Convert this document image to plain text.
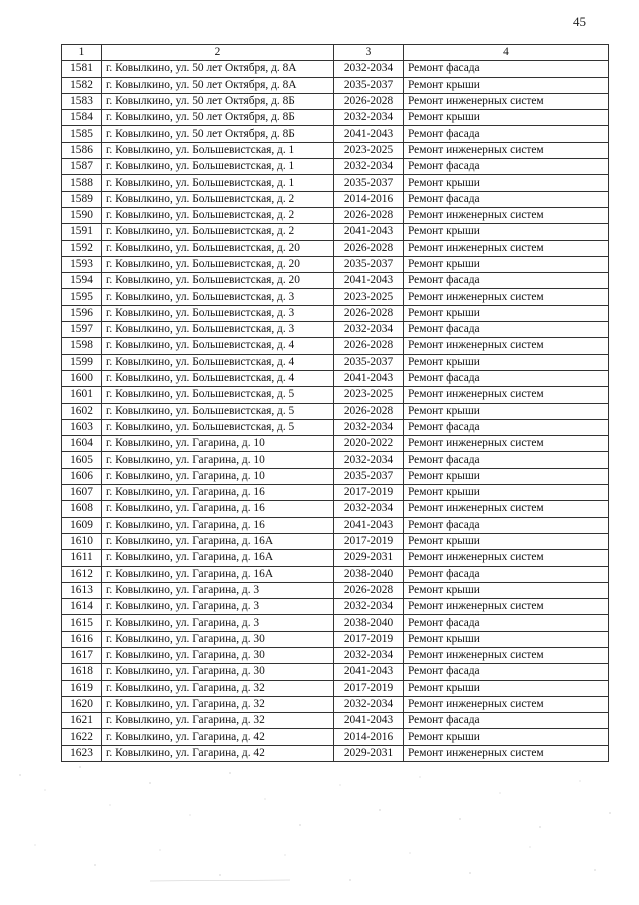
45
1	2	3	4
1581	г. Ковылкино, ул. 50 лет Октября, д. 8А	2032-2034	Ремонт фасада
1582	г. Ковылкино, ул. 50 лет Октября, д. 8А	2035-2037	Ремонт крыши
1583	г. Ковылкино, ул. 50 лет Октября, д. 8Б	2026-2028	Ремонт инженерных систем
1584	г. Ковылкино, ул. 50 лет Октября, д. 8Б	2032-2034	Ремонт крыши
1585	г. Ковылкино, ул. 50 лет Октября, д. 8Б	2041-2043	Ремонт фасада
1586	г. Ковылкино, ул. Большевистская, д. 1	2023-2025	Ремонт инженерных систем
1587	г. Ковылкино, ул. Большевистская, д. 1	2032-2034	Ремонт фасада
1588	г. Ковылкино, ул. Большевистская, д. 1	2035-2037	Ремонт крыши
1589	г. Ковылкино, ул. Большевистская, д. 2	2014-2016	Ремонт фасада
1590	г. Ковылкино, ул. Большевистская, д. 2	2026-2028	Ремонт инженерных систем
1591	г. Ковылкино, ул. Большевистская, д. 2	2041-2043	Ремонт крыши
1592	г. Ковылкино, ул. Большевистская, д. 20	2026-2028	Ремонт инженерных систем
1593	г. Ковылкино, ул. Большевистская, д. 20	2035-2037	Ремонт крыши
1594	г. Ковылкино, ул. Большевистская, д. 20	2041-2043	Ремонт фасада
1595	г. Ковылкино, ул. Большевистская, д. 3	2023-2025	Ремонт инженерных систем
1596	г. Ковылкино, ул. Большевистская, д. 3	2026-2028	Ремонт крыши
1597	г. Ковылкино, ул. Большевистская, д. 3	2032-2034	Ремонт фасада
1598	г. Ковылкино, ул. Большевистская, д. 4	2026-2028	Ремонт инженерных систем
1599	г. Ковылкино, ул. Большевистская, д. 4	2035-2037	Ремонт крыши
1600	г. Ковылкино, ул. Большевистская, д. 4	2041-2043	Ремонт фасада
1601	г. Ковылкино, ул. Большевистская, д. 5	2023-2025	Ремонт инженерных систем
1602	г. Ковылкино, ул. Большевистская, д. 5	2026-2028	Ремонт крыши
1603	г. Ковылкино, ул. Большевистская, д. 5	2032-2034	Ремонт фасада
1604	г. Ковылкино, ул. Гагарина, д. 10	2020-2022	Ремонт инженерных систем
1605	г. Ковылкино, ул. Гагарина, д. 10	2032-2034	Ремонт фасада
1606	г. Ковылкино, ул. Гагарина, д. 10	2035-2037	Ремонт крыши
1607	г. Ковылкино, ул. Гагарина, д. 16	2017-2019	Ремонт крыши
1608	г. Ковылкино, ул. Гагарина, д. 16	2032-2034	Ремонт инженерных систем
1609	г. Ковылкино, ул. Гагарина, д. 16	2041-2043	Ремонт фасада
1610	г. Ковылкино, ул. Гагарина, д. 16А	2017-2019	Ремонт крыши
1611	г. Ковылкино, ул. Гагарина, д. 16А	2029-2031	Ремонт инженерных систем
1612	г. Ковылкино, ул. Гагарина, д. 16А	2038-2040	Ремонт фасада
1613	г. Ковылкино, ул. Гагарина, д. 3	2026-2028	Ремонт крыши
1614	г. Ковылкино, ул. Гагарина, д. 3	2032-2034	Ремонт инженерных систем
1615	г. Ковылкино, ул. Гагарина, д. 3	2038-2040	Ремонт фасада
1616	г. Ковылкино, ул. Гагарина, д. 30	2017-2019	Ремонт крыши
1617	г. Ковылкино, ул. Гагарина, д. 30	2032-2034	Ремонт инженерных систем
1618	г. Ковылкино, ул. Гагарина, д. 30	2041-2043	Ремонт фасада
1619	г. Ковылкино, ул. Гагарина, д. 32	2017-2019	Ремонт крыши
1620	г. Ковылкино, ул. Гагарина, д. 32	2032-2034	Ремонт инженерных систем
1621	г. Ковылкино, ул. Гагарина, д. 32	2041-2043	Ремонт фасада
1622	г. Ковылкино, ул. Гагарина, д. 42	2014-2016	Ремонт крыши
1623	г. Ковылкино, ул. Гагарина, д. 42	2029-2031	Ремонт инженерных систем
